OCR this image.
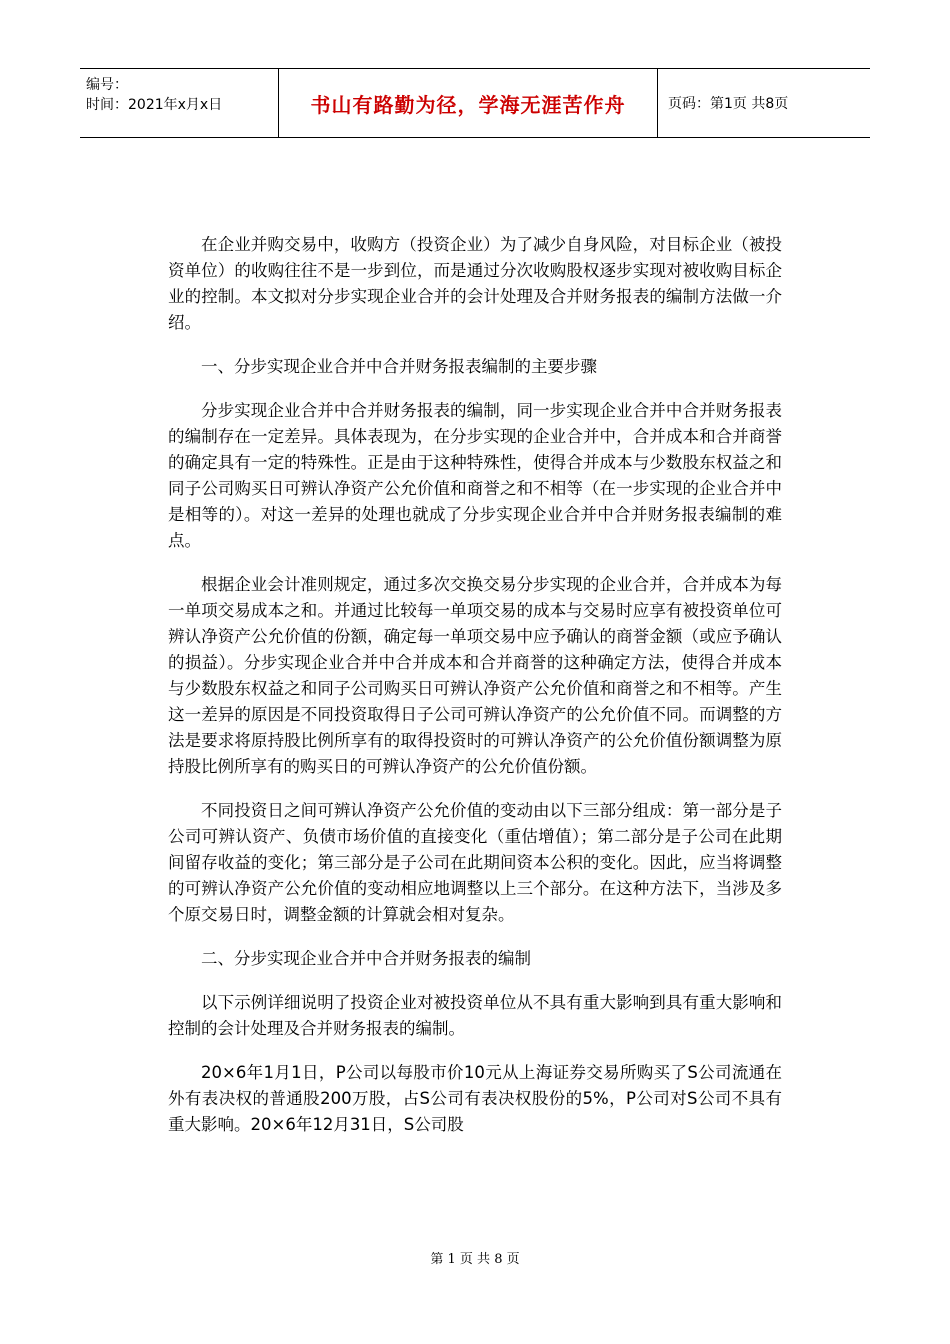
编号：
时间：2021年x月x日	书山有路勤为径，学海无涯苦作舟	页码：第1页 共8页

在企业并购交易中，收购方（投资企业）为了减少自身风险，对目标企业（被投资单位）的收购往往不是一步到位，而是通过分次收购股权逐步实现对被收购目标企业的控制。本文拟对分步实现企业合并的会计处理及合并财务报表的编制方法做一介绍。

一、分步实现企业合并中合并财务报表编制的主要步骤

分步实现企业合并中合并财务报表的编制，同一步实现企业合并中合并财务报表的编制存在一定差异。具体表现为，在分步实现的企业合并中，合并成本和合并商誉的确定具有一定的特殊性。正是由于这种特殊性，使得合并成本与少数股东权益之和同子公司购买日可辨认净资产公允价值和商誉之和不相等（在一步实现的企业合并中是相等的）。对这一差异的处理也就成了分步实现企业合并中合并财务报表编制的难点。

根据企业会计准则规定，通过多次交换交易分步实现的企业合并，合并成本为每一单项交易成本之和。并通过比较每一单项交易的成本与交易时应享有被投资单位可辨认净资产公允价值的份额，确定每一单项交易中应予确认的商誉金额（或应予确认的损益）。分步实现企业合并中合并成本和合并商誉的这种确定方法，使得合并成本与少数股东权益之和同子公司购买日可辨认净资产公允价值和商誉之和不相等。产生这一差异的原因是不同投资取得日子公司可辨认净资产的公允价值不同。而调整的方法是要求将原持股比例所享有的取得投资时的可辨认净资产的公允价值份额调整为原持股比例所享有的购买日的可辨认净资产的公允价值份额。

不同投资日之间可辨认净资产公允价值的变动由以下三部分组成：第一部分是子公司可辨认资产、负债市场价值的直接变化（重估增值）；第二部分是子公司在此期间留存收益的变化；第三部分是子公司在此期间资本公积的变化。因此，应当将调整的可辨认净资产公允价值的变动相应地调整以上三个部分。在这种方法下，当涉及多个原交易日时，调整金额的计算就会相对复杂。

二、分步实现企业合并中合并财务报表的编制

以下示例详细说明了投资企业对被投资单位从不具有重大影响到具有重大影响和控制的会计处理及合并财务报表的编制。

20×6年1月1日，P公司以每股市价10元从上海证券交易所购买了S公司流通在外有表决权的普通股200万股，占S公司有表决权股份的5%，P公司对S公司不具有重大影响。20×6年12月31日，S公司股

第 1 页 共 8 页
